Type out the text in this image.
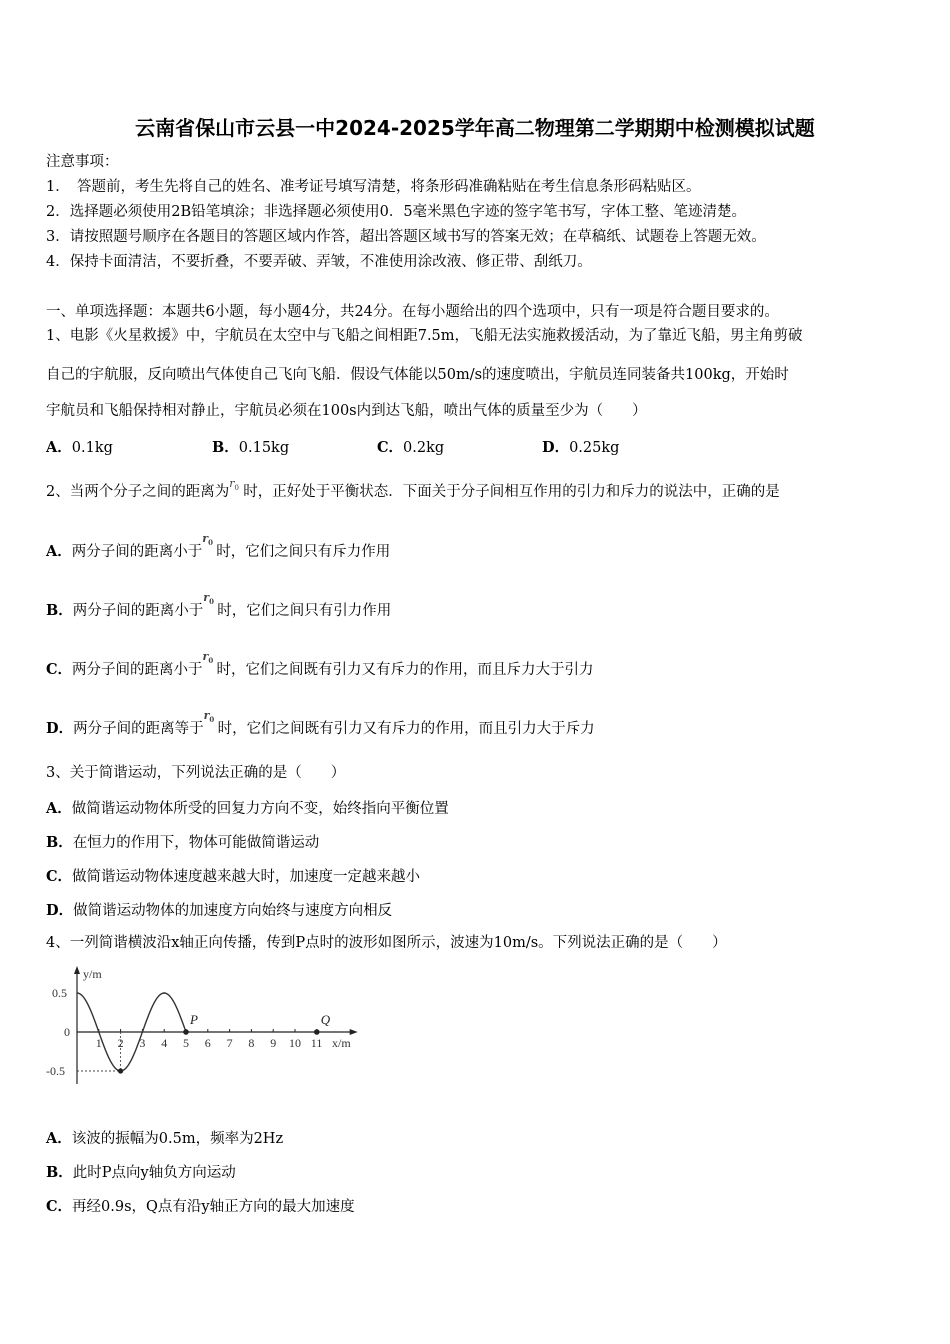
云南省保山市云县一中2024-2025学年高二物理第二学期期中检测模拟试题
注意事项：
1．　答题前，考生先将自己的姓名、准考证号填写清楚，将条形码准确粘贴在考生信息条形码粘贴区。
2．选择题必须使用2B铅笔填涂；非选择题必须使用0．5毫米黑色字迹的签字笔书写，字体工整、笔迹清楚。
3．请按照题号顺序在各题目的答题区域内作答，超出答题区域书写的答案无效；在草稿纸、试题卷上答题无效。
4．保持卡面清洁，不要折叠，不要弄破、弄皱，不准使用涂改液、修正带、刮纸刀。
一、单项选择题：本题共6小题，每小题4分，共24分。在每小题给出的四个选项中，只有一项是符合题目要求的。
1、电影《火星救援》中，宇航员在太空中与飞船之间相距7.5m，飞船无法实施救援活动，为了靠近飞船，男主角剪破
自己的宇航服，反向喷出气体使自己飞向飞船．假设气体能以50m/s的速度喷出，宇航员连同装备共100kg，开始时
宇航员和飞船保持相对静止，宇航员必须在100s内到达飞船，喷出气体的质量至少为（　　）
A．0.1kg	B．0.15kg	C．0.2kg	D．0.25kg
2、当两个分子之间的距离为$r_0$ 时，正好处于平衡状态．下面关于分子间相互作用的引力和斥力的说法中，正确的是
A．两分子间的距离小于$r_0$时，它们之间只有斥力作用
B．两分子间的距离小于$r_0$时，它们之间只有引力作用
C．两分子间的距离小于$r_0$时，它们之间既有引力又有斥力的作用，而且斥力大于引力
D．两分子间的距离等于$r_0$时，它们之间既有引力又有斥力的作用，而且引力大于斥力
3、关于简谐运动，下列说法正确的是（　　）
A．做简谐运动物体所受的回复力方向不变，始终指向平衡位置
B．在恒力的作用下，物体可能做简谐运动
C．做简谐运动物体速度越来越大时，加速度一定越来越小
D．做简谐运动物体的加速度方向始终与速度方向相反
4、一列简谐横波沿x轴正向传播，传到P点时的波形如图所示，波速为10m/s。下列说法正确的是（　　）
y/m
x/m
1 2 3 4 5 6 7 8 9 10 11
0.5
0
-0.5
P	Q
A．该波的振幅为0.5m，频率为2Hz
B．此时P点向y轴负方向运动
C．再经0.9s，Q点有沿y轴正方向的最大加速度
